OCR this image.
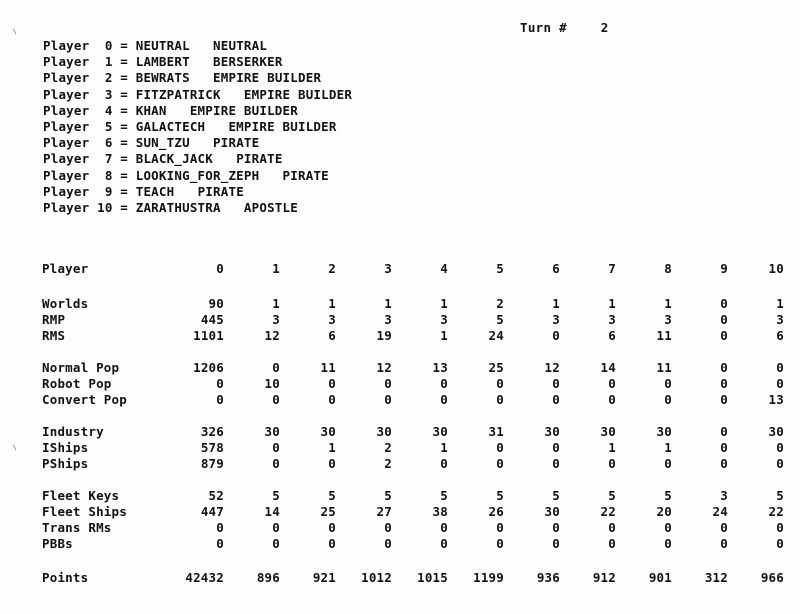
Turn #	2
Player 0 = NEUTRAL NEUTRAL
Player 1 = LAMBERT BERSERKER
Player 2 = BEWRATS EMPIRE BUILDER
Player 3 = FITZPATRICK EMPIRE BUILDER
Player 4 = KHAN EMPIRE BUILDER
Player 5 = GALACTECH EMPIRE BUILDER
Player 6 = SUN_TZU PIRATE
Player 7 = BLACK_JACK PIRATE
Player 8 = LOOKING_FOR_ZEPH PIRATE
Player 9 = TEACH PIRATE
Player 10 = ZARATHUSTRA APOSTLE
Player	0	1	2	3	4	5	6	7	8	9	10

Worlds	90	1	1	1	1	2	1	1	1	0	1
RMP	445	3	3	3	3	5	3	3	3	0	3
RMS	1101	12	6	19	1	24	0	6	11	0	6

Normal Pop	1206	0	11	12	13	25	12	14	11	0	0
Robot Pop	0	10	0	0	0	0	0	0	0	0	0
Convert Pop	0	0	0	0	0	0	0	0	0	0	13

Industry	326	30	30	30	30	31	30	30	30	0	30
IShips	578	0	1	2	1	0	0	1	1	0	0
PShips	879	0	0	2	0	0	0	0	0	0	0

Fleet Keys	52	5	5	5	5	5	5	5	5	3	5
Fleet Ships	447	14	25	27	38	26	30	22	20	24	22
Trans RMs	0	0	0	0	0	0	0	0	0	0	0
PBBs	0	0	0	0	0	0	0	0	0	0	0

Points	42432	896	921	1012	1015	1199	936	912	901	312	966
